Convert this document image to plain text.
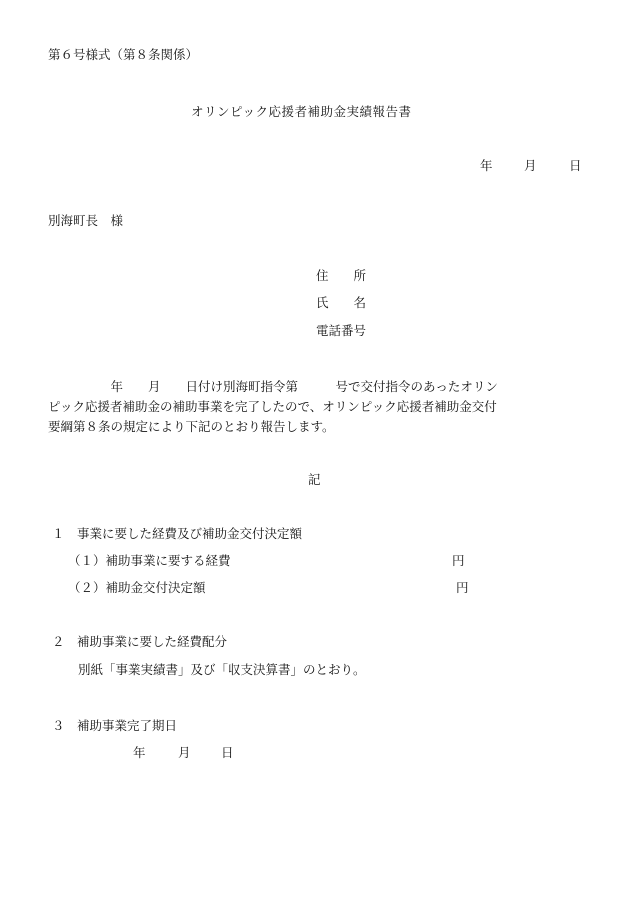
第６号様式（第８条関係）
オリンピック応援者補助金実績報告書
年	月	日
別海町長　様
住　　所
氏　　名
電話番号
　　　　　年　　月　　日付け別海町指令第　　　号で交付指令のあったオリン
ピック応援者補助金の補助事業を完了したので、オリンピック応援者補助金交付
要綱第８条の規定により下記のとおり報告します。
記
１　事業に要した経費及び補助金交付決定額
（１）補助事業に要する経費	円
（２）補助金交付決定額	円
２　補助事業に要した経費配分
別紙「事業実績書」及び「収支決算書」のとおり。
３　補助事業完了期日
年	月 日
